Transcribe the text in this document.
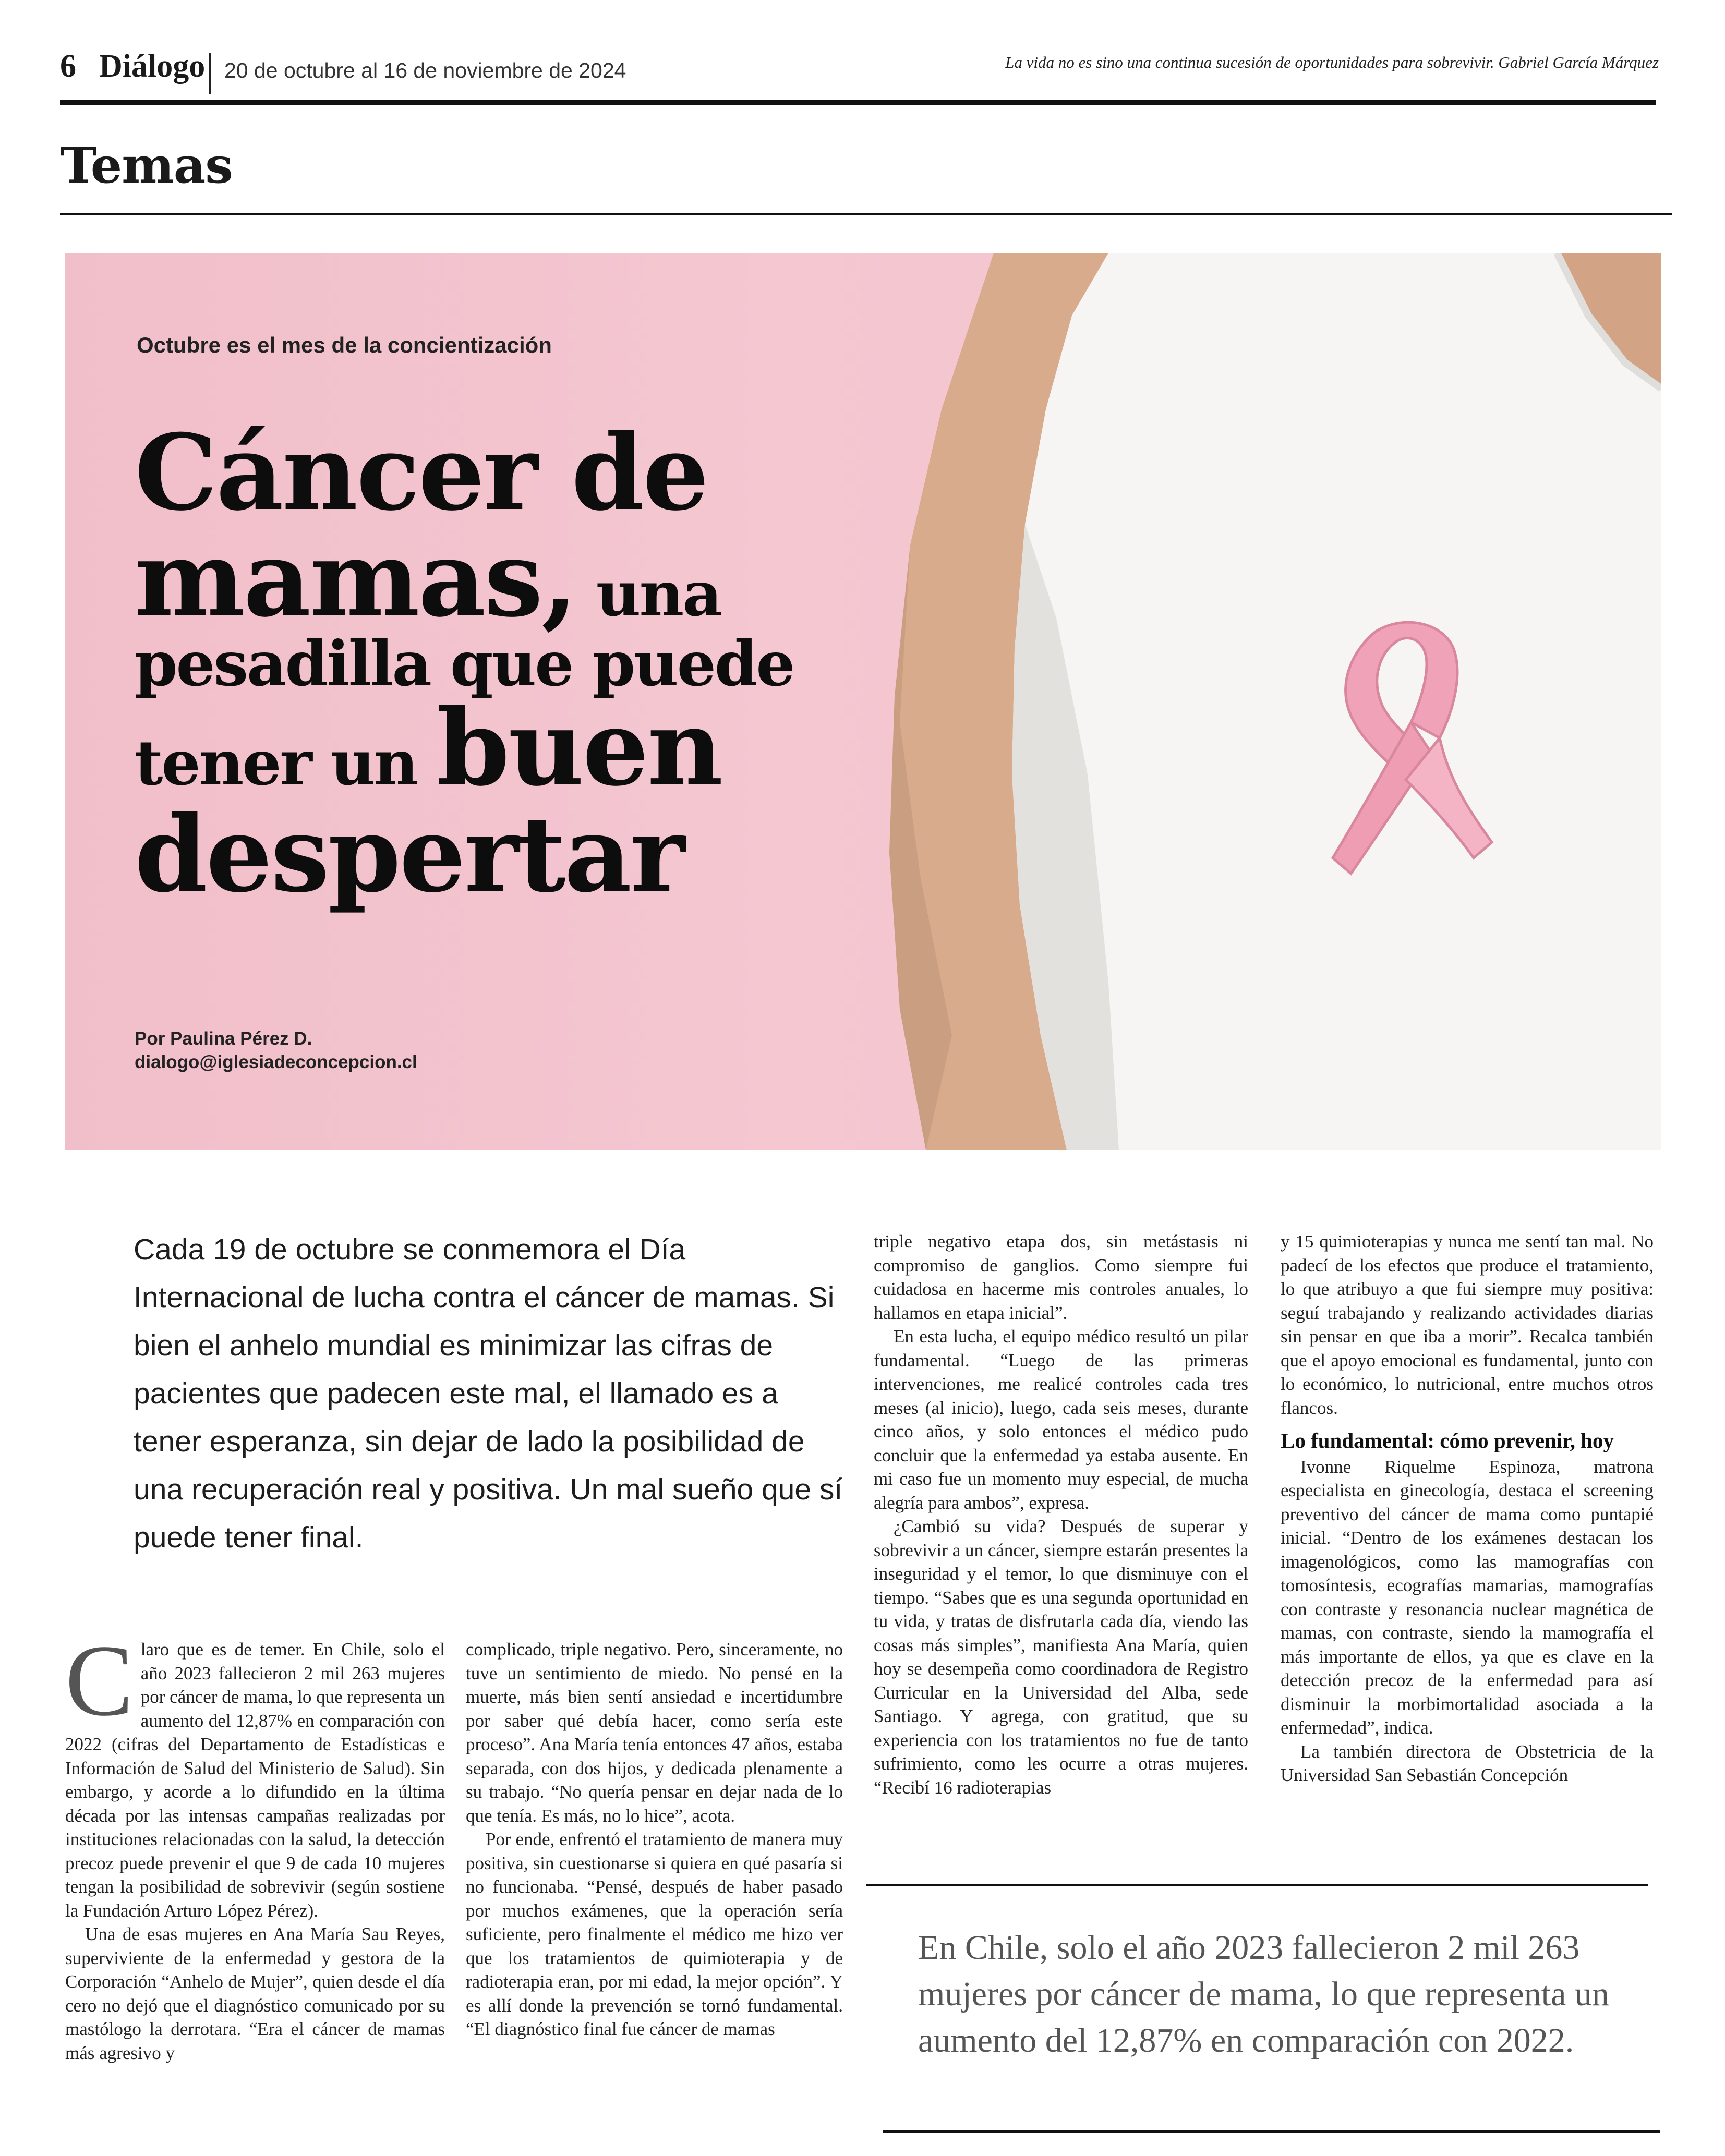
6 Diálogo 20 de octubre al 16 de noviembre de 2024	La vida no es sino una continua sucesión de oportunidades para sobrevivir. Gabriel García Márquez
Temas
Octubre es el mes de la concientización
Cáncer de
mamas, una
pesadilla que puede
tener un buen
despertar
Por Paulina Pérez D.
dialogo@iglesiadeconcepcion.cl
Cada 19 de octubre se conmemora el Día Internacional de lucha contra el cáncer de mamas. Si bien el anhelo mundial es minimizar las cifras de pacientes que padecen este mal, el llamado es a tener esperanza, sin dejar de lado la posibilidad de una recuperación real y positiva. Un mal sueño que sí puede tener final.

Claro que es de temer. En Chile, solo el año 2023 fallecieron 2 mil 263 mujeres por cáncer de mama, lo que representa un aumento del 12,87% en comparación con 2022 (cifras del Departamento de Estadísticas e Información de Salud del Ministerio de Salud). Sin embargo, y acorde a lo difundido en la última década por las intensas campañas realizadas por instituciones relacionadas con la salud, la detección precoz puede prevenir el que 9 de cada 10 mujeres tengan la posibilidad de sobrevivir (según sostiene la Fundación Arturo López Pérez).

Una de esas mujeres en Ana María Sau Reyes, superviviente de la enfermedad y gestora de la Corporación “Anhelo de Mujer”, quien desde el día cero no dejó que el diagnóstico comunicado por su mastólogo la derrotara. “Era el cáncer de mamas más agresivo y

complicado, triple negativo. Pero, sinceramente, no tuve un sentimiento de miedo. No pensé en la muerte, más bien sentí ansiedad e incertidumbre por saber qué debía hacer, como sería este proceso”. Ana María tenía entonces 47 años, estaba separada, con dos hijos, y dedicada plenamente a su trabajo. “No quería pensar en dejar nada de lo que tenía. Es más, no lo hice”, acota.

Por ende, enfrentó el tratamiento de manera muy positiva, sin cuestionarse si quiera en qué pasaría si no funcionaba. “Pensé, después de haber pasado por muchos exámenes, que la operación sería suficiente, pero finalmente el médico me hizo ver que los tratamientos de quimioterapia y de radioterapia eran, por mi edad, la mejor opción”. Y es allí donde la prevención se tornó fundamental. “El diagnóstico final fue cáncer de mamas

triple negativo etapa dos, sin metástasis ni compromiso de ganglios. Como siempre fui cuidadosa en hacerme mis controles anuales, lo hallamos en etapa inicial”.

En esta lucha, el equipo médico resultó un pilar fundamental. “Luego de las primeras intervenciones, me realicé controles cada tres meses (al inicio), luego, cada seis meses, durante cinco años, y solo entonces el médico pudo concluir que la enfermedad ya estaba ausente. En mi caso fue un momento muy especial, de mucha alegría para ambos”, expresa.

¿Cambió su vida? Después de superar y sobrevivir a un cáncer, siempre estarán presentes la inseguridad y el temor, lo que disminuye con el tiempo. “Sabes que es una segunda oportunidad en tu vida, y tratas de disfrutarla cada día, viendo las cosas más simples”, manifiesta Ana María, quien hoy se desempeña como coordinadora de Registro Curricular en la Universidad del Alba, sede Santiago. Y agrega, con gratitud, que su experiencia con los tratamientos no fue de tanto sufrimiento, como les ocurre a otras mujeres. “Recibí 16 radioterapias

y 15 quimioterapias y nunca me sentí tan mal. No padecí de los efectos que produce el tratamiento, lo que atribuyo a que fui siempre muy positiva: seguí trabajando y realizando actividades diarias sin pensar en que iba a morir”. Recalca también que el apoyo emocional es fundamental, junto con lo económico, lo nutricional, entre muchos otros flancos.

Lo fundamental: cómo prevenir, hoy

Ivonne Riquelme Espinoza, matrona especialista en ginecología, destaca el screening preventivo del cáncer de mama como puntapié inicial. “Dentro de los exámenes destacan los imagenológicos, como las mamografías con tomosíntesis, ecografías mamarias, mamografías con contraste y resonancia nuclear magnética de mamas, con contraste, siendo la mamografía el más importante de ellos, ya que es clave en la detección precoz de la enfermedad para así disminuir la morbimortalidad asociada a la enfermedad”, indica.

La también directora de Obstetricia de la Universidad San Sebastián Concepción

En Chile, solo el año 2023 fallecieron 2 mil 263 mujeres por cáncer de mama, lo que representa un aumento del 12,87% en comparación con 2022.
